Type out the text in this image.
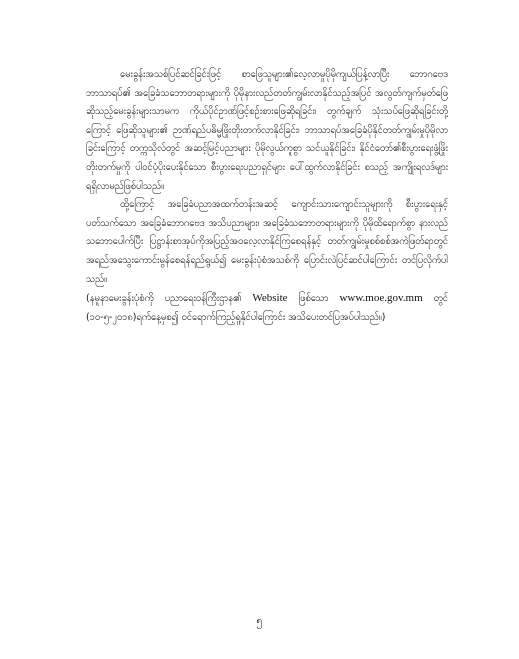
မေးခွန်းအသစ်ပြင်ဆင်ခြင်းဖြင့် စာဖြေသူများ၏လေ့လာမှုပိုမိုကျယ်ပြန့်လာပြီး ဘောဂဗေဒဘာသာရပ်၏ အခြေခံသဘောတရားများကို ပိုမိုနားလည်တတ်ကျွမ်းလာနိုင်သည့်အပြင် အလွတ်ကျက်မှတ်ဖြေဆိုသည့်မေးခွန်းများသာမက ကိုယ်ပိုင်ဥာဏ်ဖြင့်စဉ်းစားဖြေဆိုရခြင်း၊ တွက်ချက် သုံးသပ်ဖြေဆိုရခြင်းတို့ကြောင့် ဖြေဆိုသူများ၏ ဉာဏ်ရည်ပဓိမ္မဖြိုးတိုးတက်လာနိုင်ခြင်း၊ ဘာသာရပ်အခြေခံပိုနိုင်တတ်ကျွမ်းမှုပိုမိုလာခြင်းကြောင့် တက္ကသိုလ်တွင် အဆင့်မြင့်ပညာများ ပိုမိုလွယ်ကူစွာ သင်ယူနိုင်ခြင်း၊ နိုင်ငံတော်၏စီးပွားရေးဖွံ့ဖြိုးတိုးတက်မှုကို ပါဝင်ပံ့ပိုးပေးနိုင်သော စီးပွားရေးပညာရှင်များ ပေါ်ထွက်လာနိုင်ခြင်း စသည့် အကျိုးရလဒ်များရရှိလာမည်ဖြစ်ပါသည်။

ထို့ကြောင့် အခြေခံပညာအထက်တန်းအဆင့် ကျောင်းသားကျောင်းသူများကို စီးပွားရေးနှင့်ပတ်သက်သော အခြေခံဘောဂဗေဒ အသိပညာများ၊ အခြေခံသဘောတရားများကို ပိုမိုထိရောက်စွာ နားလည်သဘောပေါက်ပြီး ပြဋ္ဌာန်းစာအုပ်ကိုအပြည့်အဝလေ့လာနိုင်ကြစေရန်နှင့် တတ်ကျွမ်းမှုစစ်စစ်အကဲဖြတ်ရာတွင် အရည်အသွေးကောင်းမွန်စေရန်ရည်ရွယ်၍ မေးခွန်းပုံစံအသစ်ကို ပြောင်းလဲပြင်ဆင်ပါကြောင်း တင်ပြလိုက်ပါသည်။

(နမူနာမေးခွန်းပုံစံကို ပညာရေးဝန်ကြီးဌာန၏ Website ဖြစ်သော www.moe.gov.mm တွင် (၁၀-၅-၂၀၁၈)ရက်နေ့မှစ၍ ဝင်ရောက်ကြည့်ရှုနိုင်ပါကြောင်း အသိပေးတင်ပြအပ်ပါသည်။)

၅
